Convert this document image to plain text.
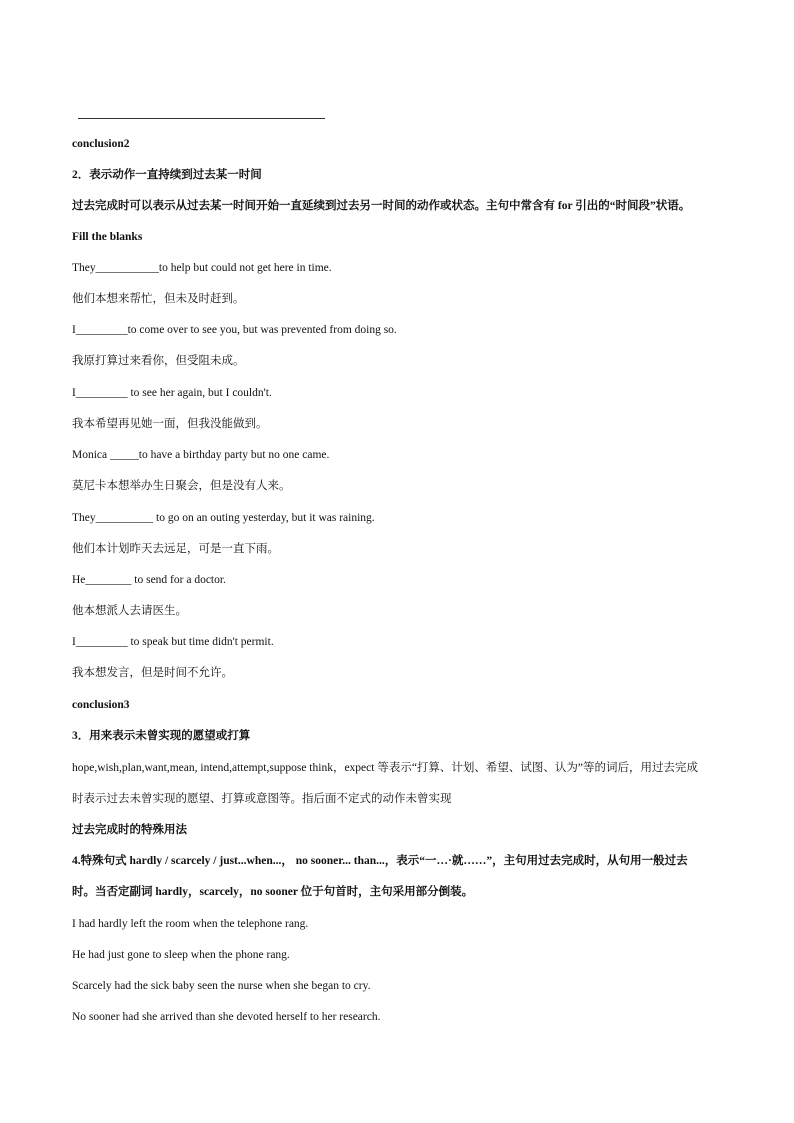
conclusion2
2．表示动作一直持续到过去某一时间
过去完成时可以表示从过去某一时间开始一直延续到过去另一时间的动作或状态。主句中常含有 for 引出的“时间段”状语。
Fill the blanks
They___________to help but could not get here in time.
他们本想来帮忙，但未及时赶到。
I_________to come over to see you, but was prevented from doing so.
我原打算过来看你，但受阻未成。
I_________ to see her again, but I couldn't.
我本希望再见她一面，但我没能做到。
Monica _____to have a birthday party but no one came.
莫尼卡本想举办生日聚会，但是没有人来。
They__________ to go on an outing yesterday, but it was raining.
他们本计划昨天去远足，可是一直下雨。
He________ to send for a doctor.
他本想派人去请医生。
I_________ to speak but time didn't permit.
我本想发言，但是时间不允许。
conclusion3
3．用来表示未曾实现的愿望或打算
hope,wish,plan,want,mean, intend,attempt,suppose think，expect 等表示“打算、计划、希望、试图、认为”等的词后，用过去完成
时表示过去未曾实现的愿望、打算或意图等。指后面不定式的动作未曾实现
过去完成时的特殊用法
4.特殊句式 hardly / scarcely / just...when...， no sooner... than...，表示“一…·就……”，主句用过去完成时，从句用一般过去
时。当否定副词 hardly，scarcely，no sooner 位于句首时，主句采用部分倒装。
I had hardly left the room when the telephone rang.
He had just gone to sleep when the phone rang.
Scarcely had the sick baby seen the nurse when she began to cry.
No sooner had she arrived than she devoted herself to her research.
